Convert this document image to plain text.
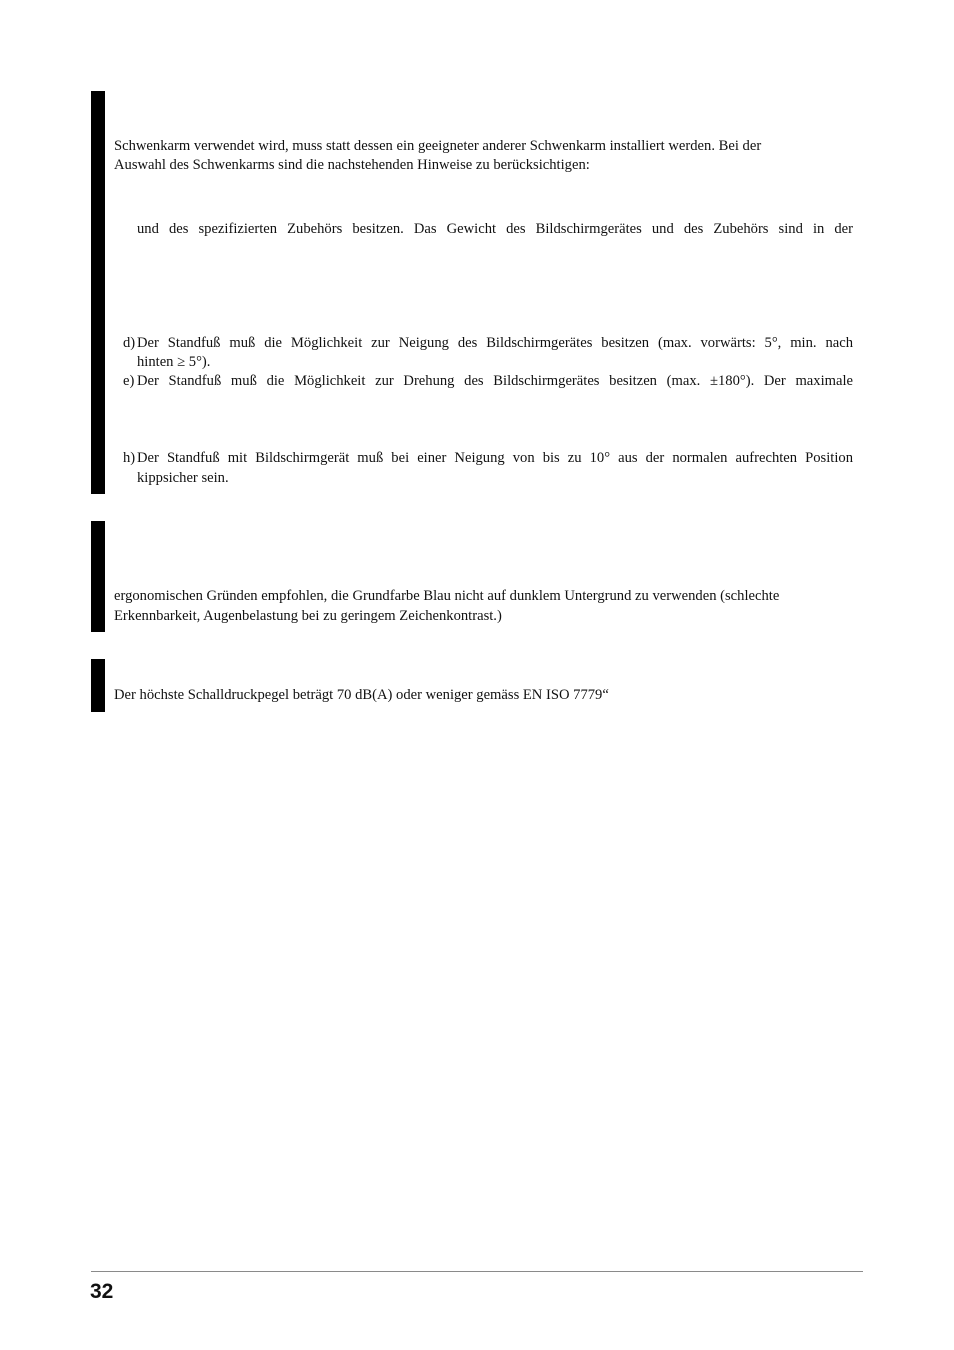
Schwenkarm verwendet wird, muss statt dessen ein geeigneter anderer Schwenkarm installiert werden. Bei der

Auswahl des Schwenkarms sind die nachstehenden Hinweise zu berücksichtigen:

und des spezifizierten Zubehörs besitzen. Das Gewicht des Bildschirmgerätes und des Zubehörs sind in der

d) Der Standfuß muß die Möglichkeit zur Neigung des Bildschirmgerätes besitzen (max. vorwärts: 5°, min. nach

hinten ≥ 5°).

e) Der Standfuß muß die Möglichkeit zur Drehung des Bildschirmgerätes besitzen (max. ±180°). Der maximale

h) Der Standfuß mit Bildschirmgerät muß bei einer Neigung von bis zu 10° aus der normalen aufrechten Position

kippsicher sein.

ergonomischen Gründen empfohlen, die Grundfarbe Blau nicht auf dunklem Untergrund zu verwenden (schlechte

Erkennbarkeit, Augenbelastung bei zu geringem Zeichenkontrast.)

Der höchste Schalldruckpegel beträgt 70 dB(A) oder weniger gemäss EN ISO 7779“

32
